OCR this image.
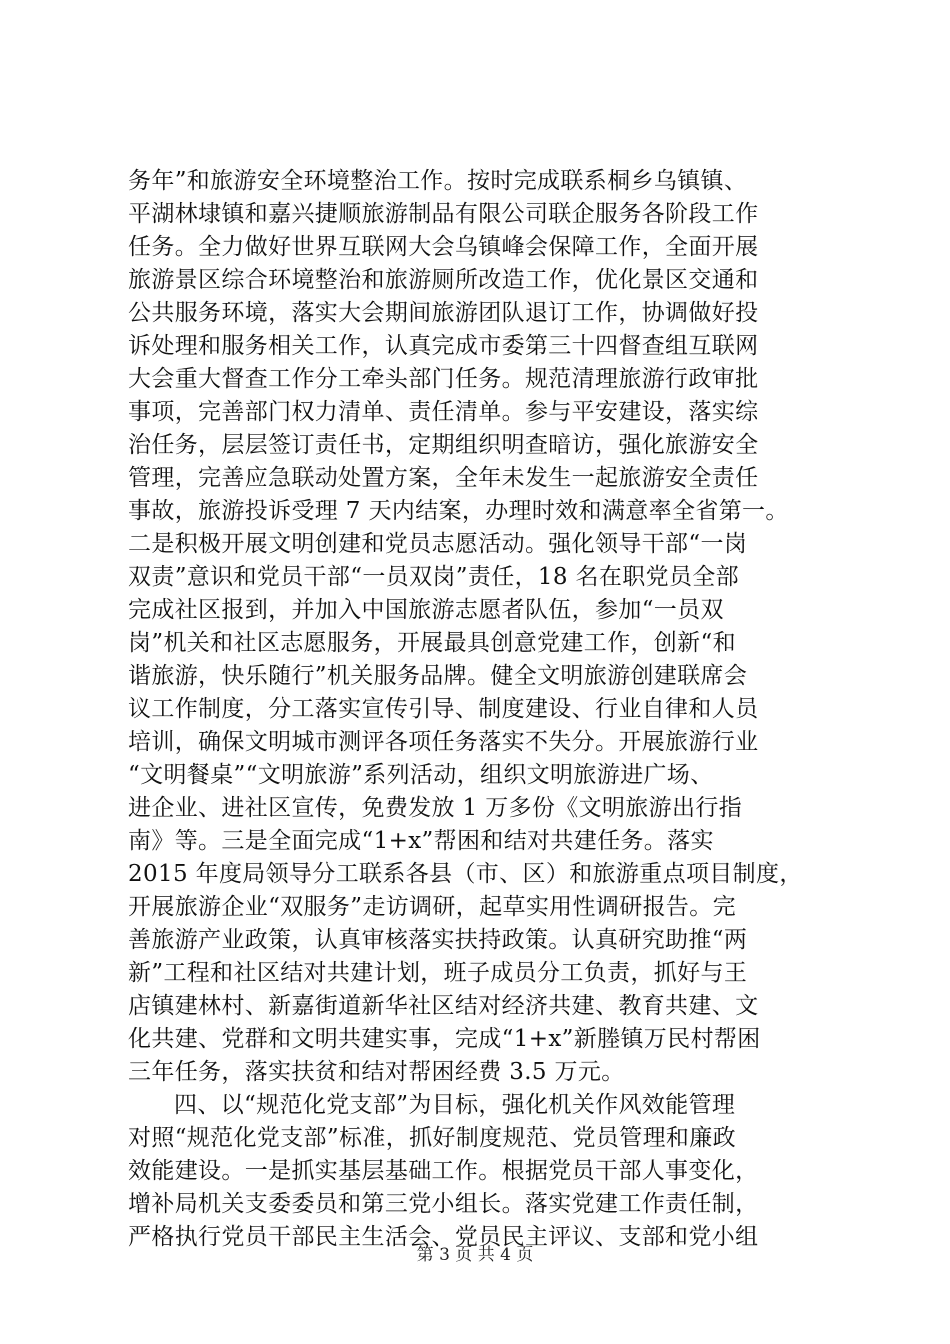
务年”和旅游安全环境整治工作。按时完成联系桐乡乌镇镇、
平湖林埭镇和嘉兴捷顺旅游制品有限公司联企服务各阶段工作
任务。全力做好世界互联网大会乌镇峰会保障工作，全面开展
旅游景区综合环境整治和旅游厕所改造工作，优化景区交通和
公共服务环境，落实大会期间旅游团队退订工作，协调做好投
诉处理和服务相关工作，认真完成市委第三十四督查组互联网
大会重大督查工作分工牵头部门任务。规范清理旅游行政审批
事项，完善部门权力清单、责任清单。参与平安建设，落实综
治任务，层层签订责任书，定期组织明查暗访，强化旅游安全
管理，完善应急联动处置方案，全年未发生一起旅游安全责任
事故，旅游投诉受理 7 天内结案，办理时效和满意率全省第一。
二是积极开展文明创建和党员志愿活动。强化领导干部“一岗
双责”意识和党员干部“一员双岗”责任，18 名在职党员全部
完成社区报到，并加入中国旅游志愿者队伍，参加“一员双
岗”机关和社区志愿服务，开展最具创意党建工作，创新“和
谐旅游，快乐随行”机关服务品牌。健全文明旅游创建联席会
议工作制度，分工落实宣传引导、制度建设、行业自律和人员
培训，确保文明城市测评各项任务落实不失分。开展旅游行业
“文明餐桌”“文明旅游”系列活动，组织文明旅游进广场、
进企业、进社区宣传，免费发放 1 万多份《文明旅游出行指
南》等。三是全面完成“1+x”帮困和结对共建任务。落实
2015 年度局领导分工联系各县（市、区）和旅游重点项目制度，
开展旅游企业“双服务”走访调研，起草实用性调研报告。完
善旅游产业政策，认真审核落实扶持政策。认真研究助推“两
新”工程和社区结对共建计划，班子成员分工负责，抓好与王
店镇建林村、新嘉街道新华社区结对经济共建、教育共建、文
化共建、党群和文明共建实事，完成“1+x”新塍镇万民村帮困
三年任务，落实扶贫和结对帮困经费 3.5 万元。
四、以“规范化党支部”为目标，强化机关作风效能管理
对照“规范化党支部”标准，抓好制度规范、党员管理和廉政
效能建设。一是抓实基层基础工作。根据党员干部人事变化，
增补局机关支委委员和第三党小组长。落实党建工作责任制，
严格执行党员干部民主生活会、党员民主评议、支部和党小组
第 3 页 共 4 页
